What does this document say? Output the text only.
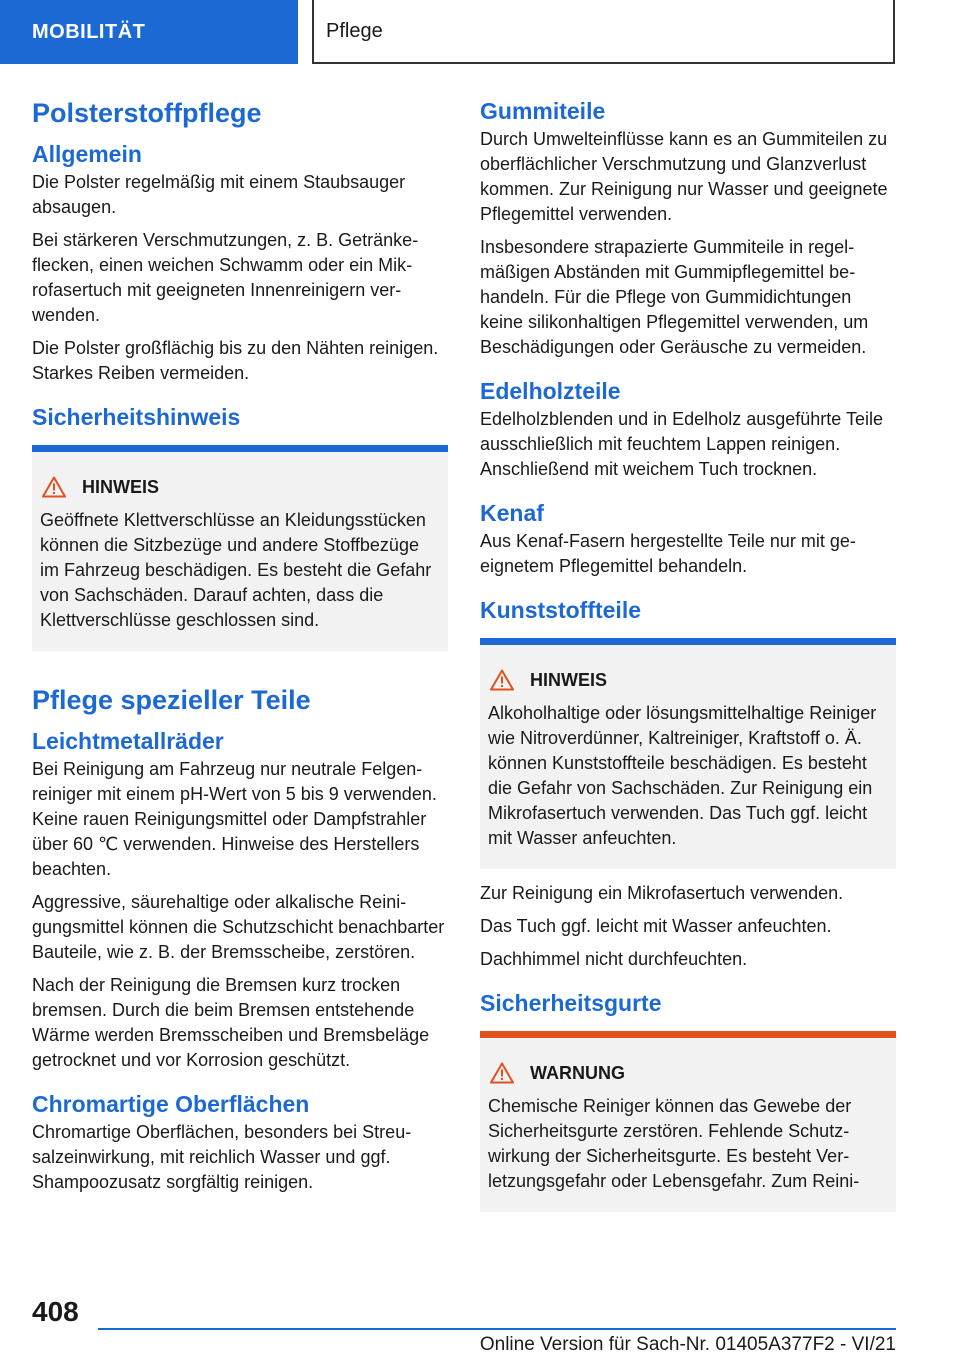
MOBILITÄT	Pflege
Polsterstoffpflege
Allgemein

Die Polster regelmäßig mit einem Staubsauger absaugen.

Bei stärkeren Verschmutzungen, z. B. Getränkeflecken, einen weichen Schwamm oder ein Mikrofasertuch mit geeigneten Innenreinigern verwenden.

Die Polster großflächig bis zu den Nähten reinigen. Starkes Reiben vermeiden.

Sicherheitshinweis
HINWEIS

Geöffnete Klettverschlüsse an Kleidungsstücken können die Sitzbezüge und andere Stoffbezüge im Fahrzeug beschädigen. Es besteht die Gefahr von Sachschäden. Darauf achten, dass die Klettverschlüsse geschlossen sind.

Pflege spezieller Teile
Leichtmetallräder

Bei Reinigung am Fahrzeug nur neutrale Felgenreiniger mit einem pH-Wert von 5 bis 9 verwenden. Keine rauen Reinigungsmittel oder Dampfstrahler über 60 ℃ verwenden. Hinweise des Herstellers beachten.

Aggressive, säurehaltige oder alkalische Reinigungsmittel können die Schutzschicht benachbarter Bauteile, wie z. B. der Bremsscheibe, zerstören.

Nach der Reinigung die Bremsen kurz trocken bremsen. Durch die beim Bremsen entstehende Wärme werden Bremsscheiben und Bremsbeläge getrocknet und vor Korrosion geschützt.

Chromartige Oberflächen

Chromartige Oberflächen, besonders bei Streusalzeinwirkung, mit reichlich Wasser und ggf. Shampoozusatz sorgfältig reinigen.

Gummiteile

Durch Umwelteinflüsse kann es an Gummiteilen zu oberflächlicher Verschmutzung und Glanzverlust kommen. Zur Reinigung nur Wasser und geeignete Pflegemittel verwenden.

Insbesondere strapazierte Gummiteile in regelmäßigen Abständen mit Gummipflegemittel behandeln. Für die Pflege von Gummidichtungen keine silikonhaltigen Pflegemittel verwenden, um Beschädigungen oder Geräusche zu vermeiden.

Edelholzteile

Edelholzblenden und in Edelholz ausgeführte Teile ausschließlich mit feuchtem Lappen reinigen. Anschließend mit weichem Tuch trocknen.

Kenaf

Aus Kenaf-Fasern hergestellte Teile nur mit geeignetem Pflegemittel behandeln.

Kunststoffteile
HINWEIS

Alkoholhaltige oder lösungsmittelhaltige Reiniger wie Nitroverdünner, Kaltreiniger, Kraftstoff o. Ä. können Kunststoffteile beschädigen. Es besteht die Gefahr von Sachschäden. Zur Reinigung ein Mikrofasertuch verwenden. Das Tuch ggf. leicht mit Wasser anfeuchten.

Zur Reinigung ein Mikrofasertuch verwenden.

Das Tuch ggf. leicht mit Wasser anfeuchten.

Dachhimmel nicht durchfeuchten.

Sicherheitsgurte
WARNUNG

Chemische Reiniger können das Gewebe der Sicherheitsgurte zerstören. Fehlende Schutzwirkung der Sicherheitsgurte. Es besteht Verletzungsgefahr oder Lebensgefahr. Zum Reini-

408
Online Version für Sach-Nr. 01405A377F2 - VI/21
